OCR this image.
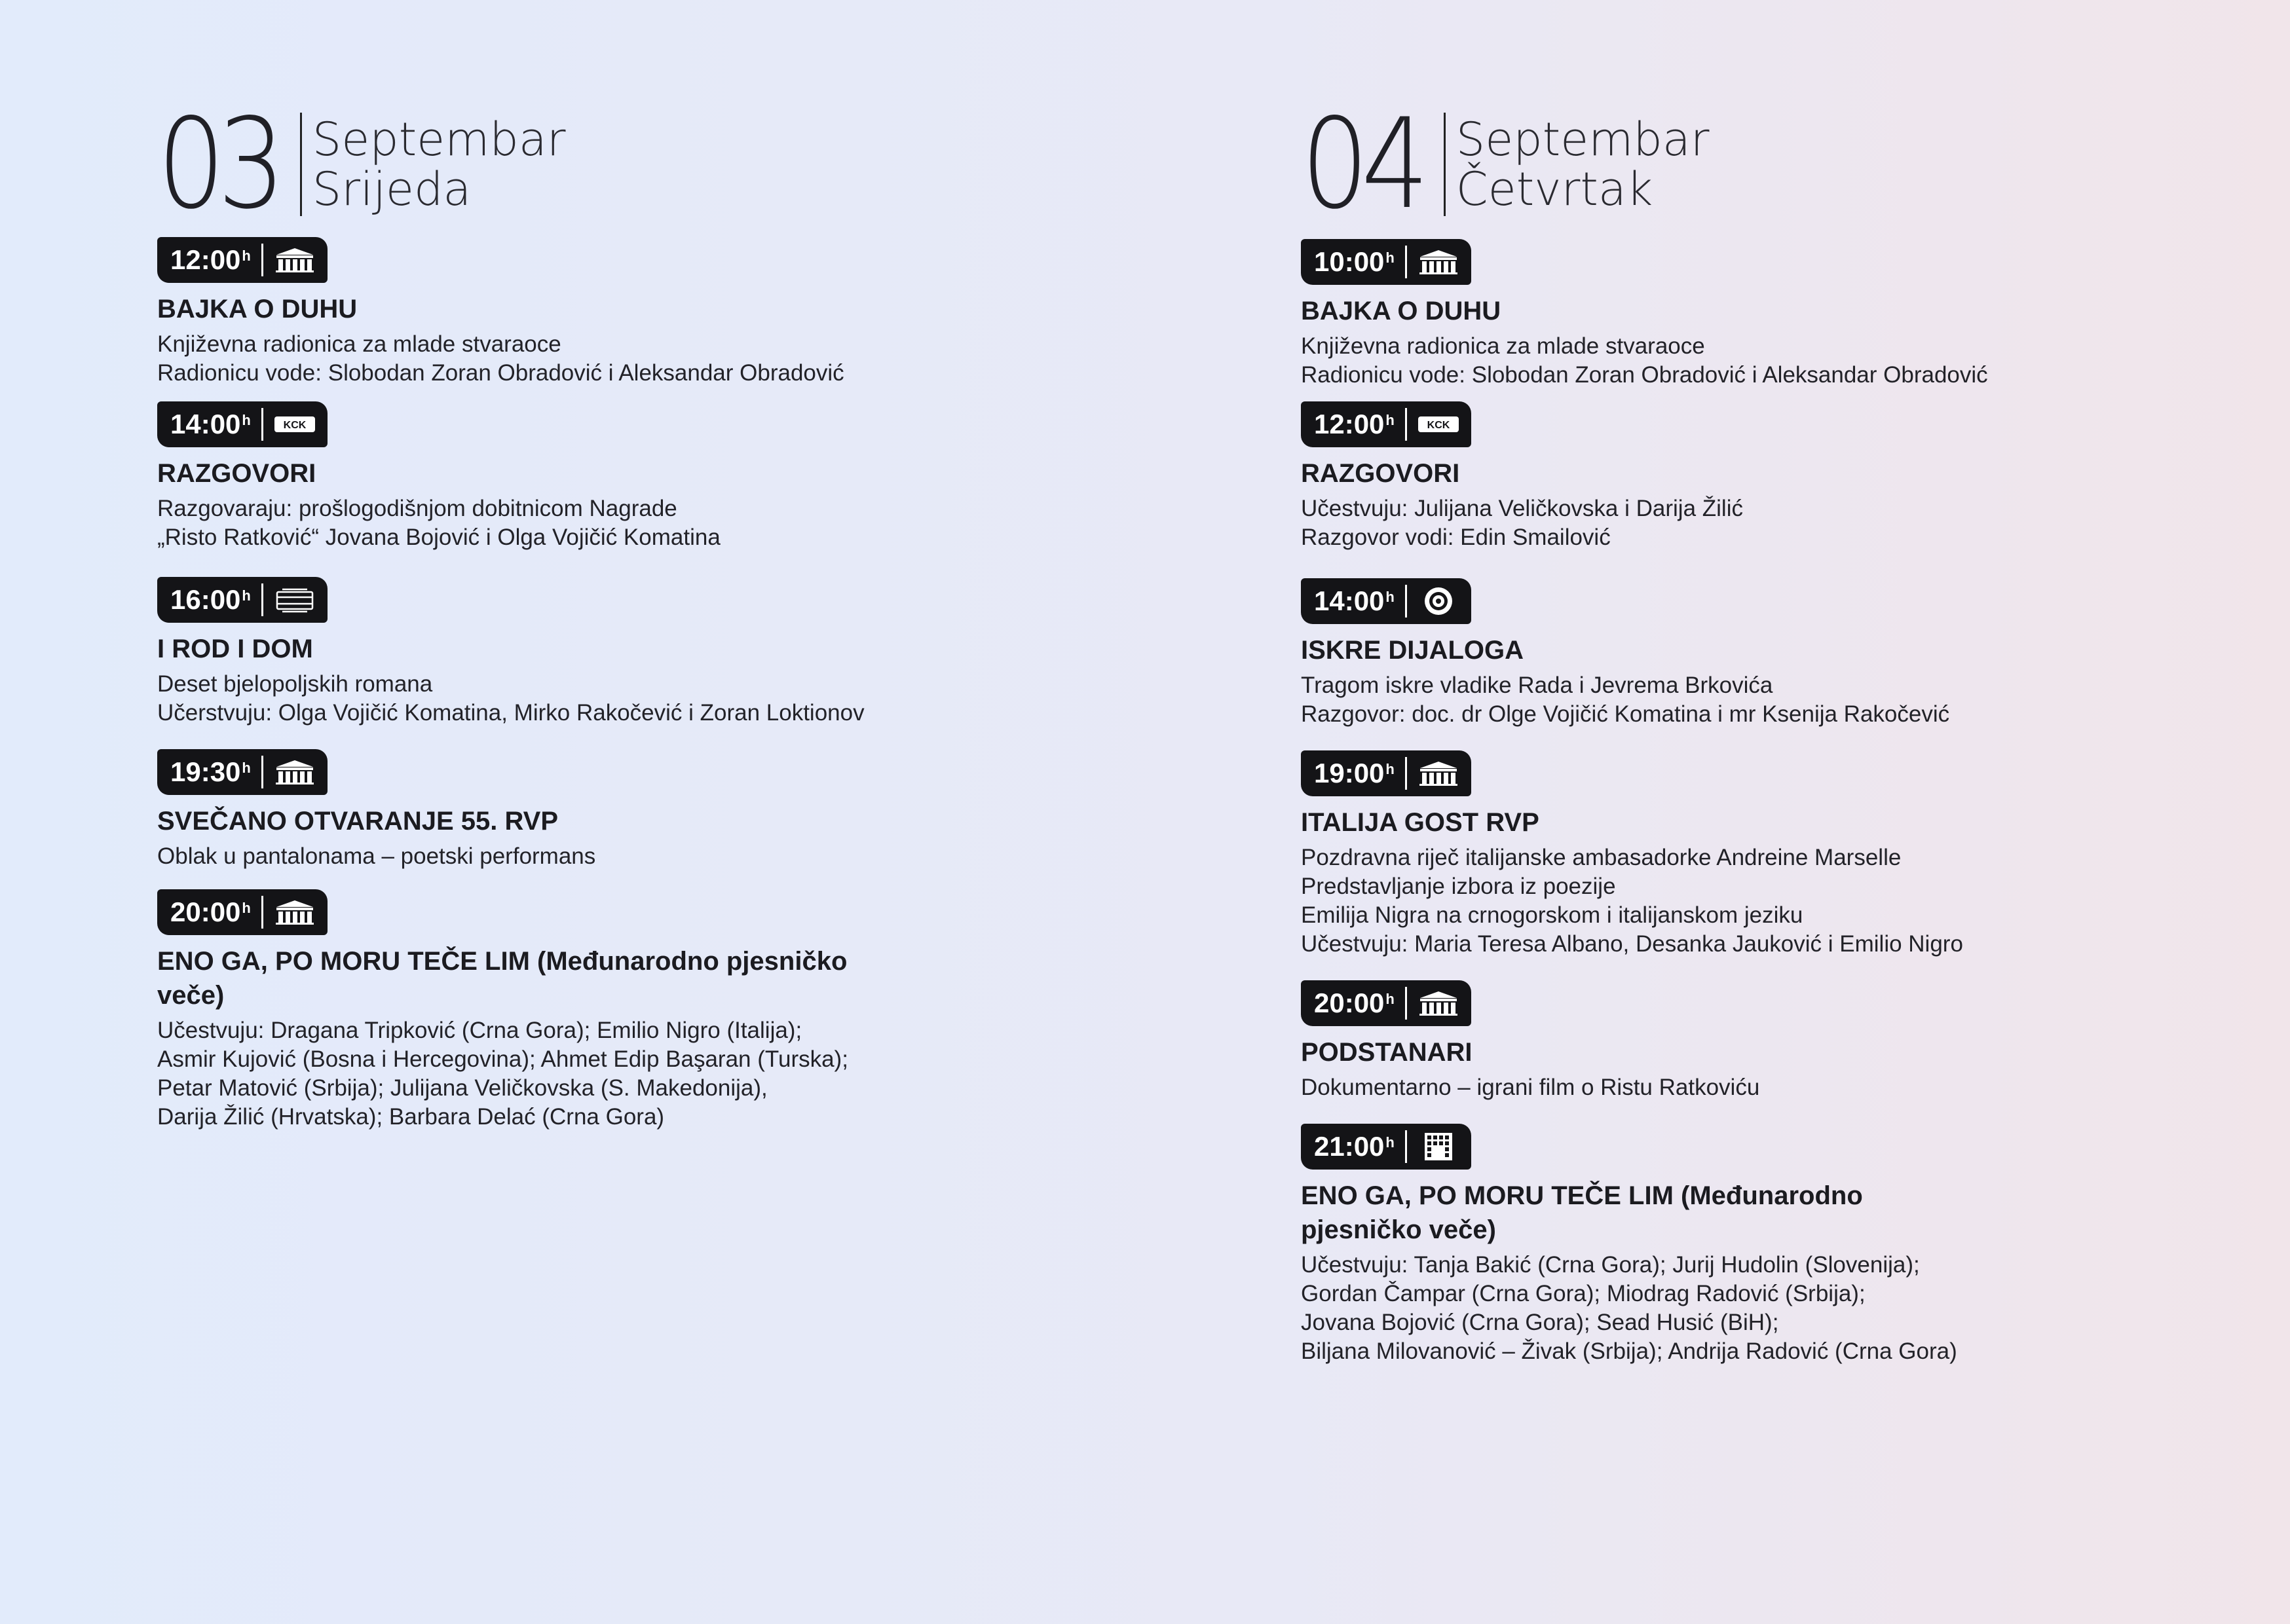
03 Septembar
Srijeda
12:00$^h$
BAJKA O DUHU
Književna radionica za mlade stvaraoce
Radionicu vode: Slobodan Zoran Obradović i Aleksandar Obradović
14:00$^h$	KCK
RAZGOVORI
Razgovaraju: prošlogodišnjom dobitnicom Nagrade
„Risto Ratković“ Jovana Bojović i Olga Vojičić Komatina
16:00$^h$
I ROD I DOM
Deset bjelopoljskih romana
Učerstvuju: Olga Vojičić Komatina, Mirko Rakočević i Zoran Loktionov
19:30$^h$
SVEČANO OTVARANJE 55. RVP
Oblak u pantalonama – poetski performans
20:00$^h$
ENO GA, PO MORU TEČE LIM (Međunarodno pjesničko veče)
Učestvuju: Dragana Tripković (Crna Gora); Emilio Nigro (Italija);
Asmir Kujović (Bosna i Hercegovina); Ahmet Edip Başaran (Turska);
Petar Matović (Srbija); Julijana Veličkovska (S. Makedonija),
Darija Žilić (Hrvatska); Barbara Delać (Crna Gora)
04 Septembar
Četvrtak
10:00$^h$
BAJKA O DUHU
Književna radionica za mlade stvaraoce
Radionicu vode: Slobodan Zoran Obradović i Aleksandar Obradović
12:00$^h$	KCK
RAZGOVORI
Učestvuju: Julijana Veličkovska i Darija Žilić
Razgovor vodi: Edin Smailović
14:00$^h$
ISKRE DIJALOGA
Tragom iskre vladike Rada i Jevrema Brkovića
Razgovor: doc. dr Olge Vojičić Komatina i mr Ksenija Rakočević
19:00$^h$
ITALIJA GOST RVP
Pozdravna riječ italijanske ambasadorke Andreine Marselle
Predstavljanje izbora iz poezije
Emilija Nigra na crnogorskom i italijanskom jeziku
Učestvuju: Maria Teresa Albano, Desanka Jauković i Emilio Nigro
20:00$^h$
PODSTANARI
Dokumentarno – igrani film o Ristu Ratkoviću
21:00$^h$
ENO GA, PO MORU TEČE LIM (Međunarodno pjesničko veče)
Učestvuju: Tanja Bakić (Crna Gora); Jurij Hudolin (Slovenija);
Gordan Čampar (Crna Gora); Miodrag Radović (Srbija);
Jovana Bojović (Crna Gora); Sead Husić (BiH);
Biljana Milovanović – Živak (Srbija); Andrija Radović (Crna Gora)
